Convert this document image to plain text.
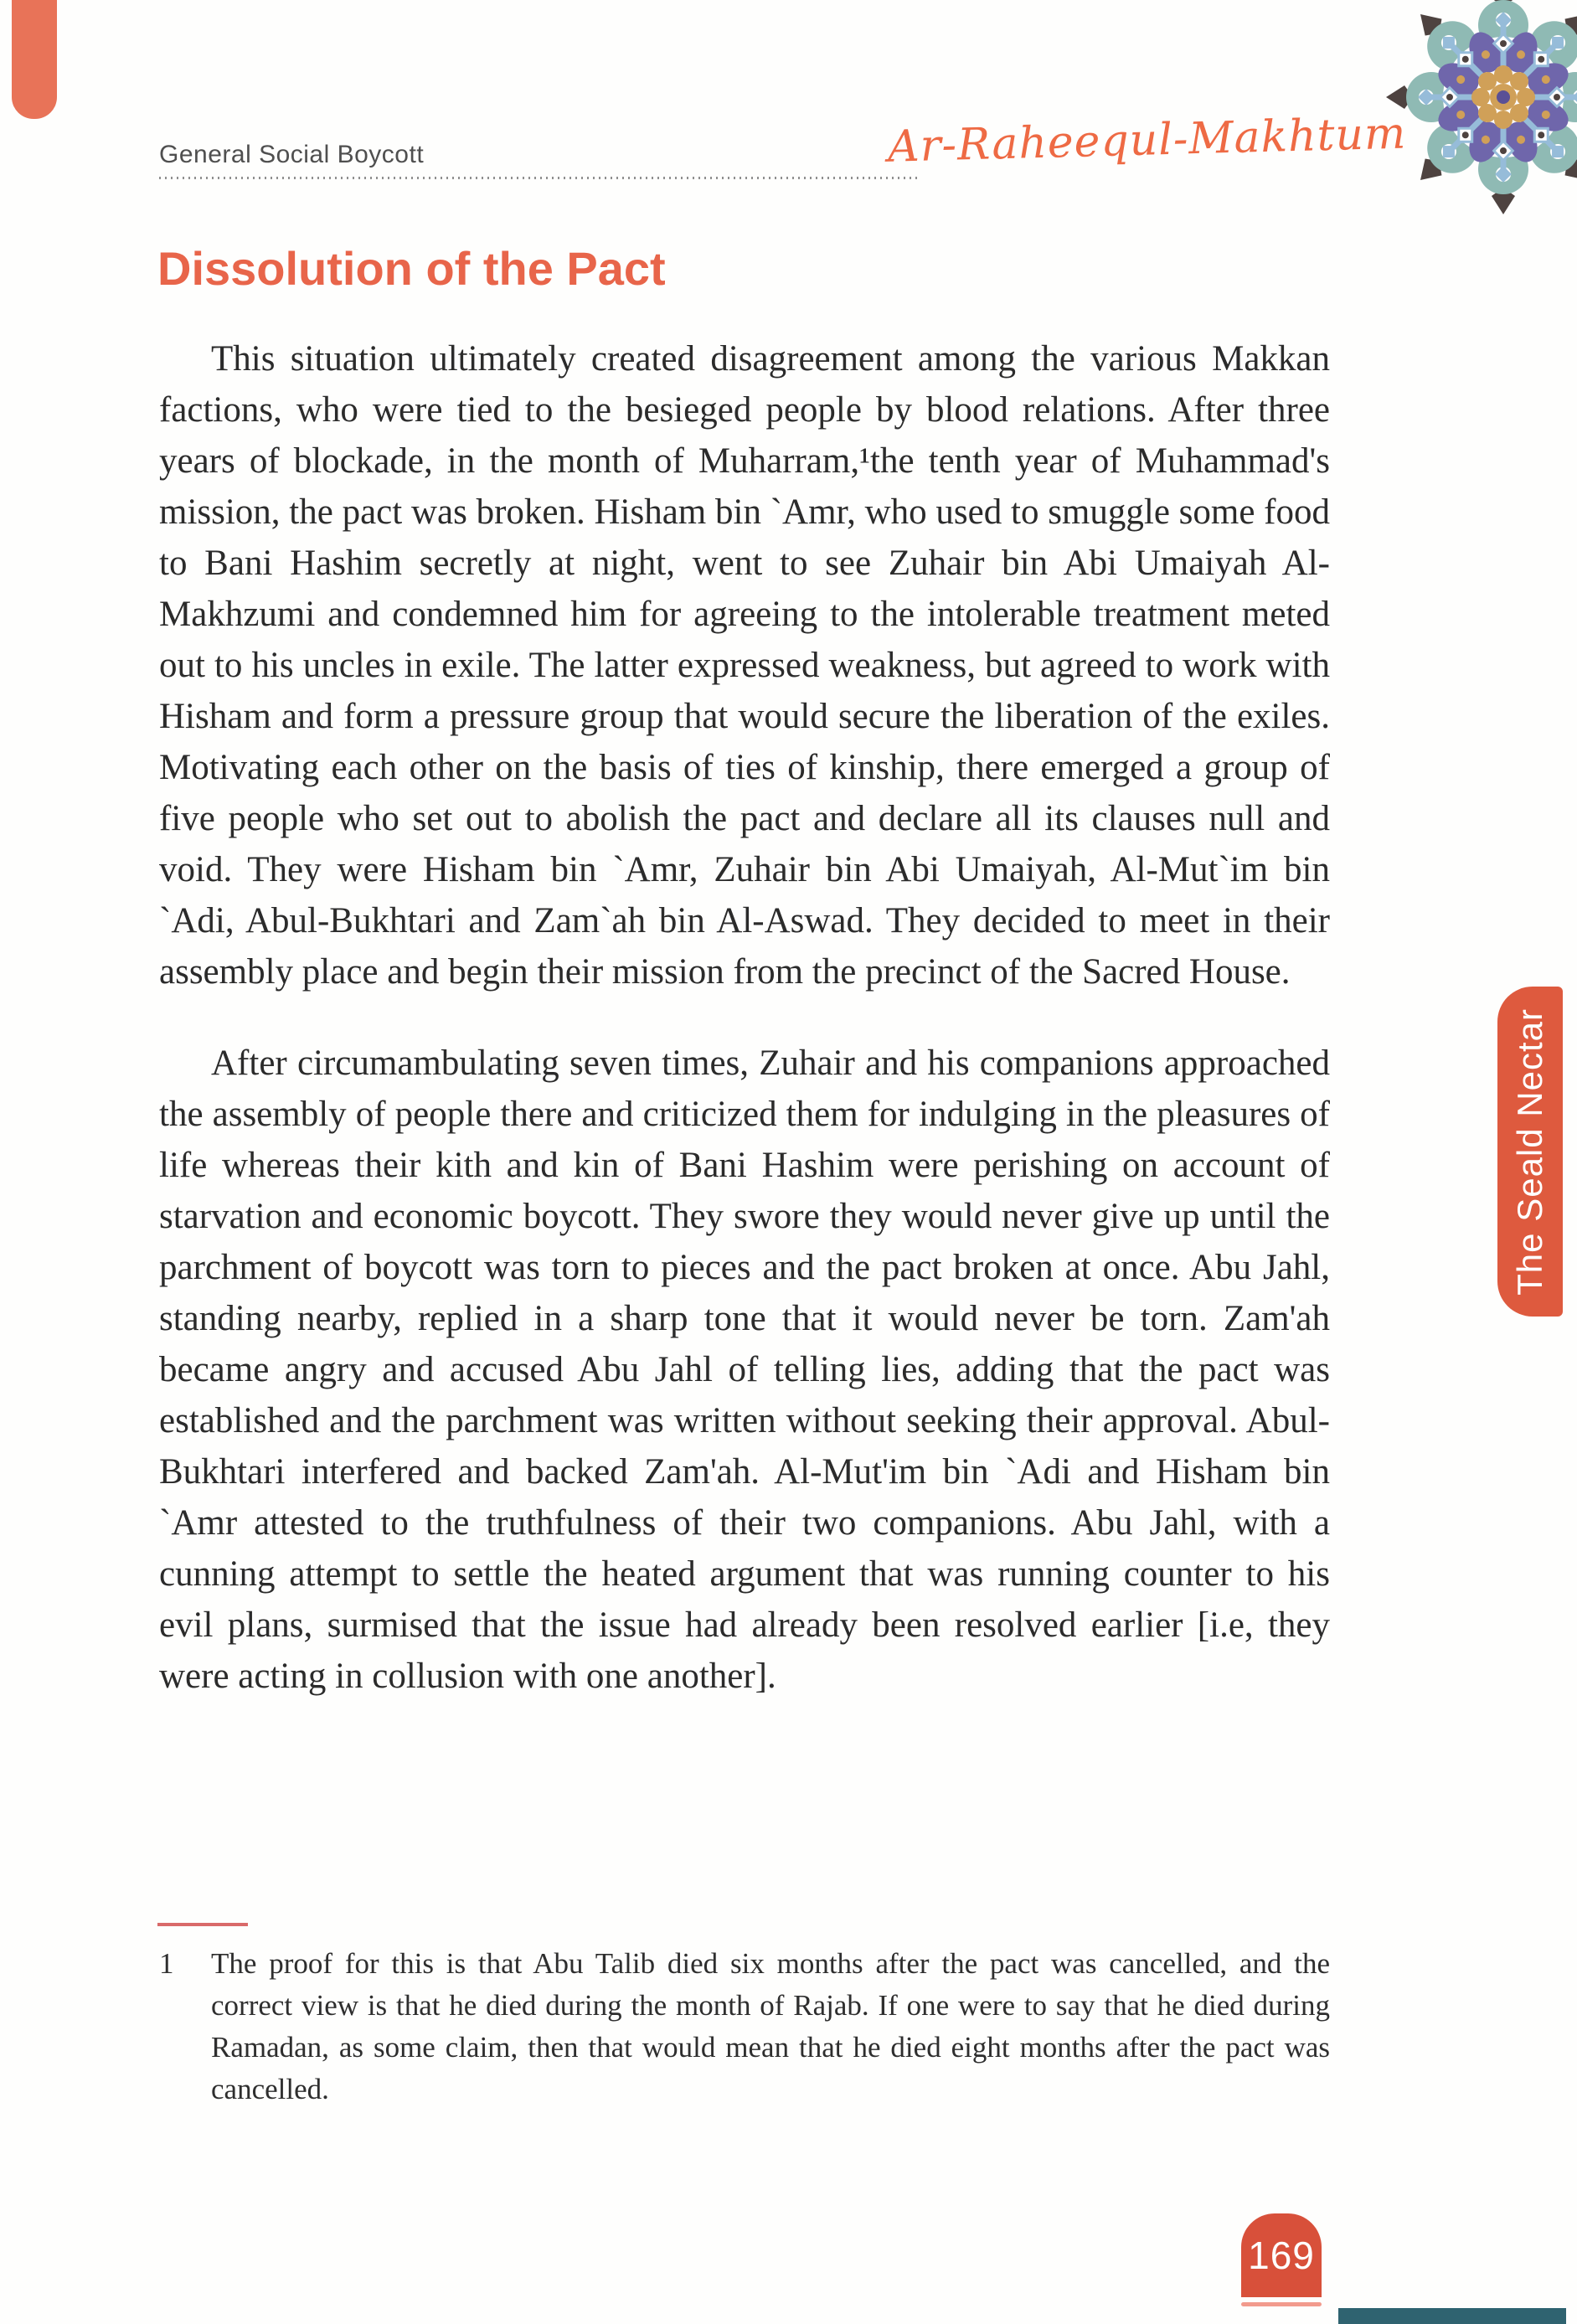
General Social Boycott	Ar-Raheequl-Makhtum
Dissolution of the Pact

This situation ultimately created disagreement among the various Makkan factions, who were tied to the besieged people by blood relations. After three years of blockade, in the month of Muharram,¹the tenth year of Muhammad's mission, the pact was broken. Hisham bin `Amr, who used to smuggle some food to Bani Hashim secretly at night, went to see Zuhair bin Abi Umaiyah Al-Makhzumi and condemned him for agreeing to the intolerable treatment meted out to his uncles in exile. The latter expressed weakness, but agreed to work with Hisham and form a pressure group that would secure the liberation of the exiles. Motivating each other on the basis of ties of kinship, there emerged a group of five people who set out to abolish the pact and declare all its clauses null and void. They were Hisham bin `Amr, Zuhair bin Abi Umaiyah, Al-Mut`im bin `Adi, Abul-Bukhtari and Zam`ah bin Al-Aswad. They decided to meet in their assembly place and begin their mission from the precinct of the Sacred House.

After circumambulating seven times, Zuhair and his companions approached the assembly of people there and criticized them for indulging in the pleasures of life whereas their kith and kin of Bani Hashim were perishing on account of starvation and economic boycott. They swore they would never give up until the parchment of boycott was torn to pieces and the pact broken at once. Abu Jahl, standing nearby, replied in a sharp tone that it would never be torn. Zam'ah became angry and accused Abu Jahl of telling lies, adding that the pact was established and the parchment was written without seeking their approval. Abul-Bukhtari interfered and backed Zam'ah. Al-Mut'im bin `Adi and Hisham bin `Amr attested to the truthfulness of their two companions. Abu Jahl, with a cunning attempt to settle the heated argument that was running counter to his evil plans, surmised that the issue had already been resolved earlier [i.e, they were acting in collusion with one another].

1	The proof for this is that Abu Talib died six months after the pact was cancelled, and the correct view is that he died during the month of Rajab. If one were to say that he died during Ramadan, as some claim, then that would mean that he died eight months after the pact was cancelled.
The Seald Nectar
169
